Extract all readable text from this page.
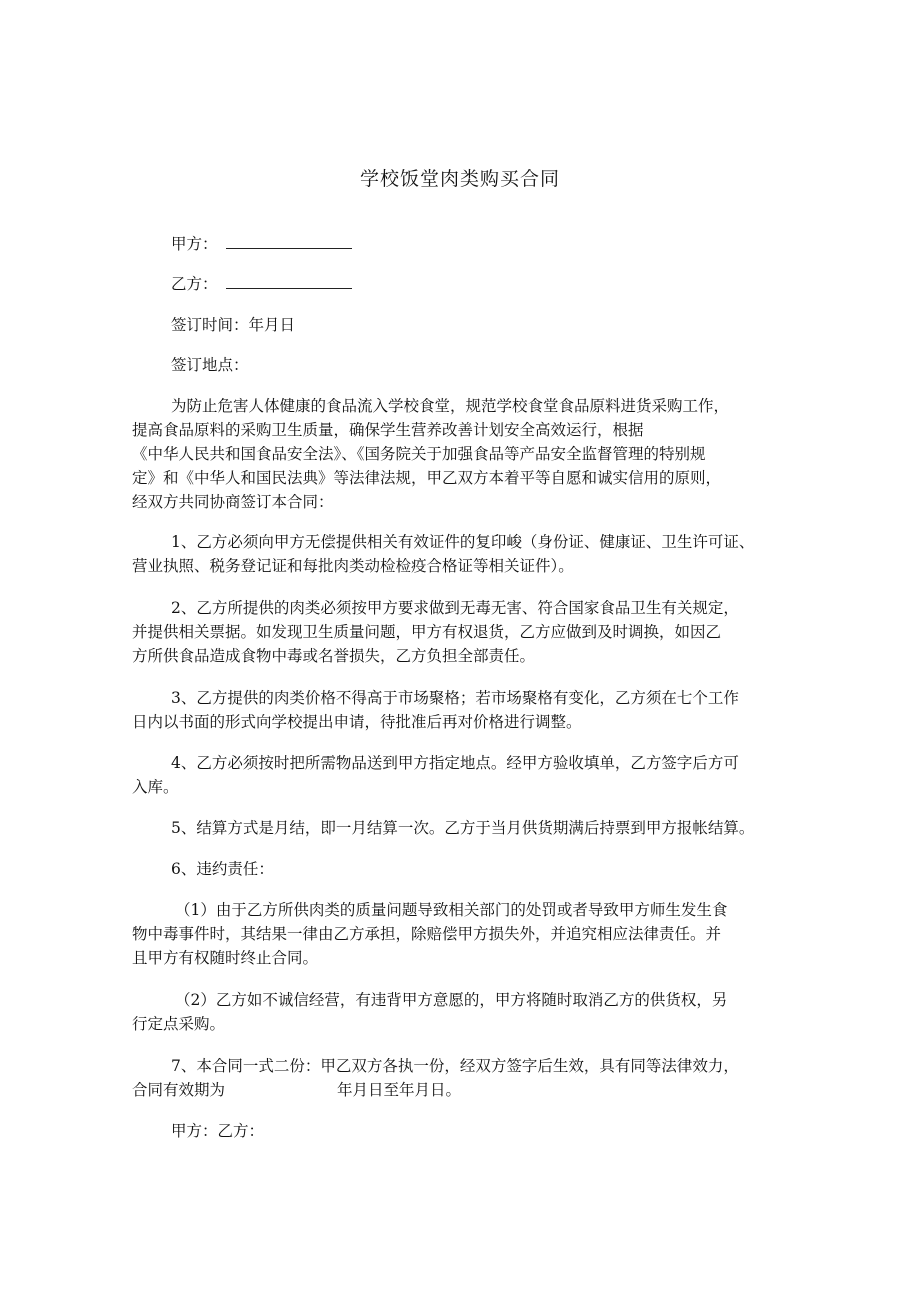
学校饭堂肉类购买合同
甲方：
乙方：
签订时间：年月日
签订地点：
为防止危害人体健康的食品流入学校食堂，规范学校食堂食品原料进货采购工作，
提高食品原料的采购卫生质量，确保学生营养改善计划安全高效运行，根据
《中华人民共和国食品安全法》、《国务院关于加强食品等产品安全监督管理的特别规
定》和《中华人和国民法典》等法律法规，甲乙双方本着平等自愿和诚实信用的原则，
经双方共同协商签订本合同：
1、乙方必须向甲方无偿提供相关有效证件的复印峻（身份证、健康证、卫生许可证、
营业执照、税务登记证和每批肉类动检检疫合格证等相关证件）。
2、乙方所提供的肉类必须按甲方要求做到无毒无害、符合国家食品卫生有关规定，
并提供相关票据。如发现卫生质量问题，甲方有权退货，乙方应做到及时调换，如因乙
方所供食品造成食物中毒或名誉损失，乙方负担全部责任。
3、乙方提供的肉类价格不得高于市场聚格；若市场聚格有变化，乙方须在七个工作
日内以书面的形式向学校提出申请，待批准后再对价格进行调整。
4、乙方必须按时把所需物品送到甲方指定地点。经甲方验收填单，乙方签字后方可
入库。
5、结算方式是月结，即一月结算一次。乙方于当月供货期满后持票到甲方报帐结算。
6、违约责任：
（1）由于乙方所供肉类的质量问题导致相关部门的处罚或者导致甲方师生发生食
物中毒事件时，其结果一律由乙方承担，除赔偿甲方损失外，并追究相应法律责任。并
且甲方有权随时终止合同。
（2）乙方如不诚信经营，有违背甲方意愿的，甲方将随时取消乙方的供货权，另
行定点采购。
7、本合同一式二份：甲乙双方各执一份，经双方签字后生效，具有同等法律效力，
合同有效期为	年月日至年月日。
甲方：乙方：
